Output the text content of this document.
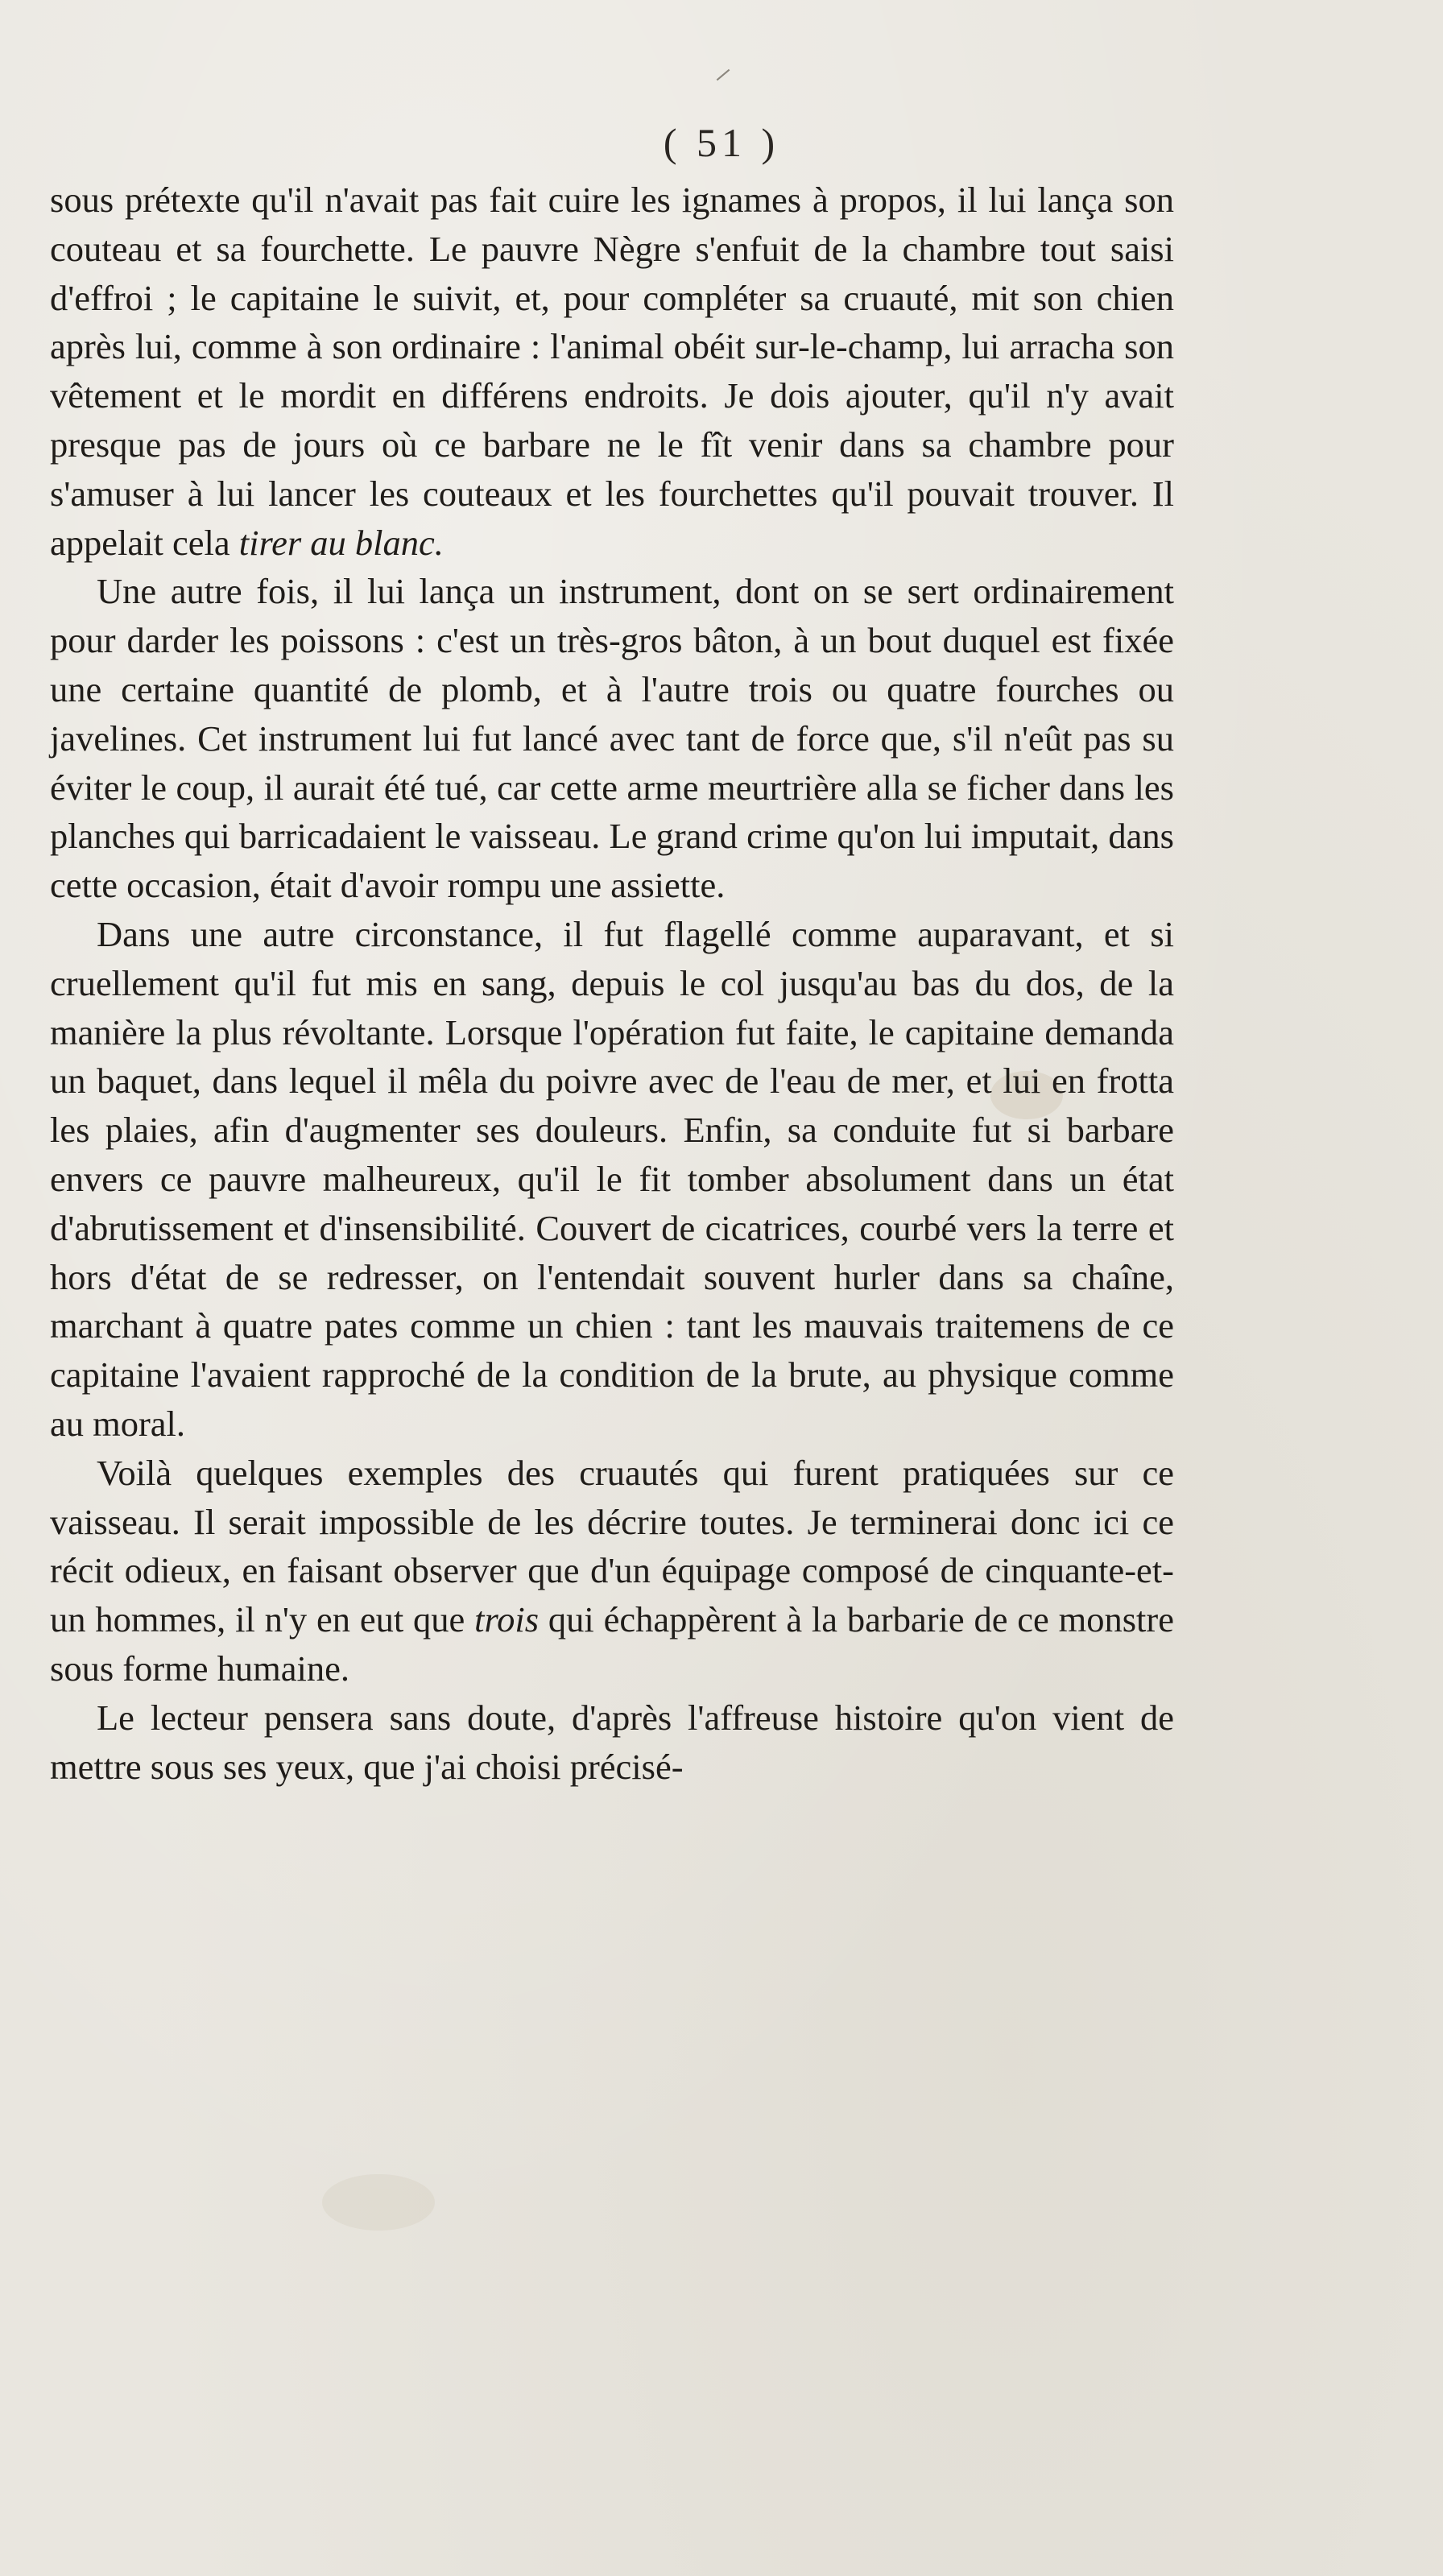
( 51 )

sous prétexte qu'il n'avait pas fait cuire les ignames à propos, il lui lança son couteau et sa fourchette. Le pauvre Nègre s'enfuit de la chambre tout saisi d'effroi ; le capitaine le suivit, et, pour compléter sa cruauté, mit son chien après lui, comme à son ordinaire : l'animal obéit sur-le-champ, lui arracha son vêtement et le mordit en différens endroits. Je dois ajouter, qu'il n'y avait presque pas de jours où ce barbare ne le fît venir dans sa chambre pour s'amuser à lui lancer les couteaux et les fourchettes qu'il pouvait trouver. Il appelait cela tirer au blanc.

Une autre fois, il lui lança un instrument, dont on se sert ordinairement pour darder les poissons : c'est un très-gros bâton, à un bout duquel est fixée une certaine quantité de plomb, et à l'autre trois ou quatre fourches ou javelines. Cet instrument lui fut lancé avec tant de force que, s'il n'eût pas su éviter le coup, il aurait été tué, car cette arme meurtrière alla se ficher dans les planches qui barricadaient le vaisseau. Le grand crime qu'on lui imputait, dans cette occasion, était d'avoir rompu une assiette.

Dans une autre circonstance, il fut flagellé comme auparavant, et si cruellement qu'il fut mis en sang, depuis le col jusqu'au bas du dos, de la manière la plus révoltante. Lorsque l'opération fut faite, le capitaine demanda un baquet, dans lequel il mêla du poivre avec de l'eau de mer, et lui en frotta les plaies, afin d'augmenter ses douleurs. Enfin, sa conduite fut si barbare envers ce pauvre malheureux, qu'il le fit tomber absolument dans un état d'abrutissement et d'insensibilité. Couvert de cicatrices, courbé vers la terre et hors d'état de se redresser, on l'entendait souvent hurler dans sa chaîne, marchant à quatre pates comme un chien : tant les mauvais traitemens de ce capitaine l'avaient rapproché de la condition de la brute, au physique comme au moral.

Voilà quelques exemples des cruautés qui furent pratiquées sur ce vaisseau. Il serait impossible de les décrire toutes. Je terminerai donc ici ce récit odieux, en faisant observer que d'un équipage composé de cinquante-et-un hommes, il n'y en eut que trois qui échappèrent à la barbarie de ce monstre sous forme humaine.

Le lecteur pensera sans doute, d'après l'affreuse histoire qu'on vient de mettre sous ses yeux, que j'ai choisi précisé-
